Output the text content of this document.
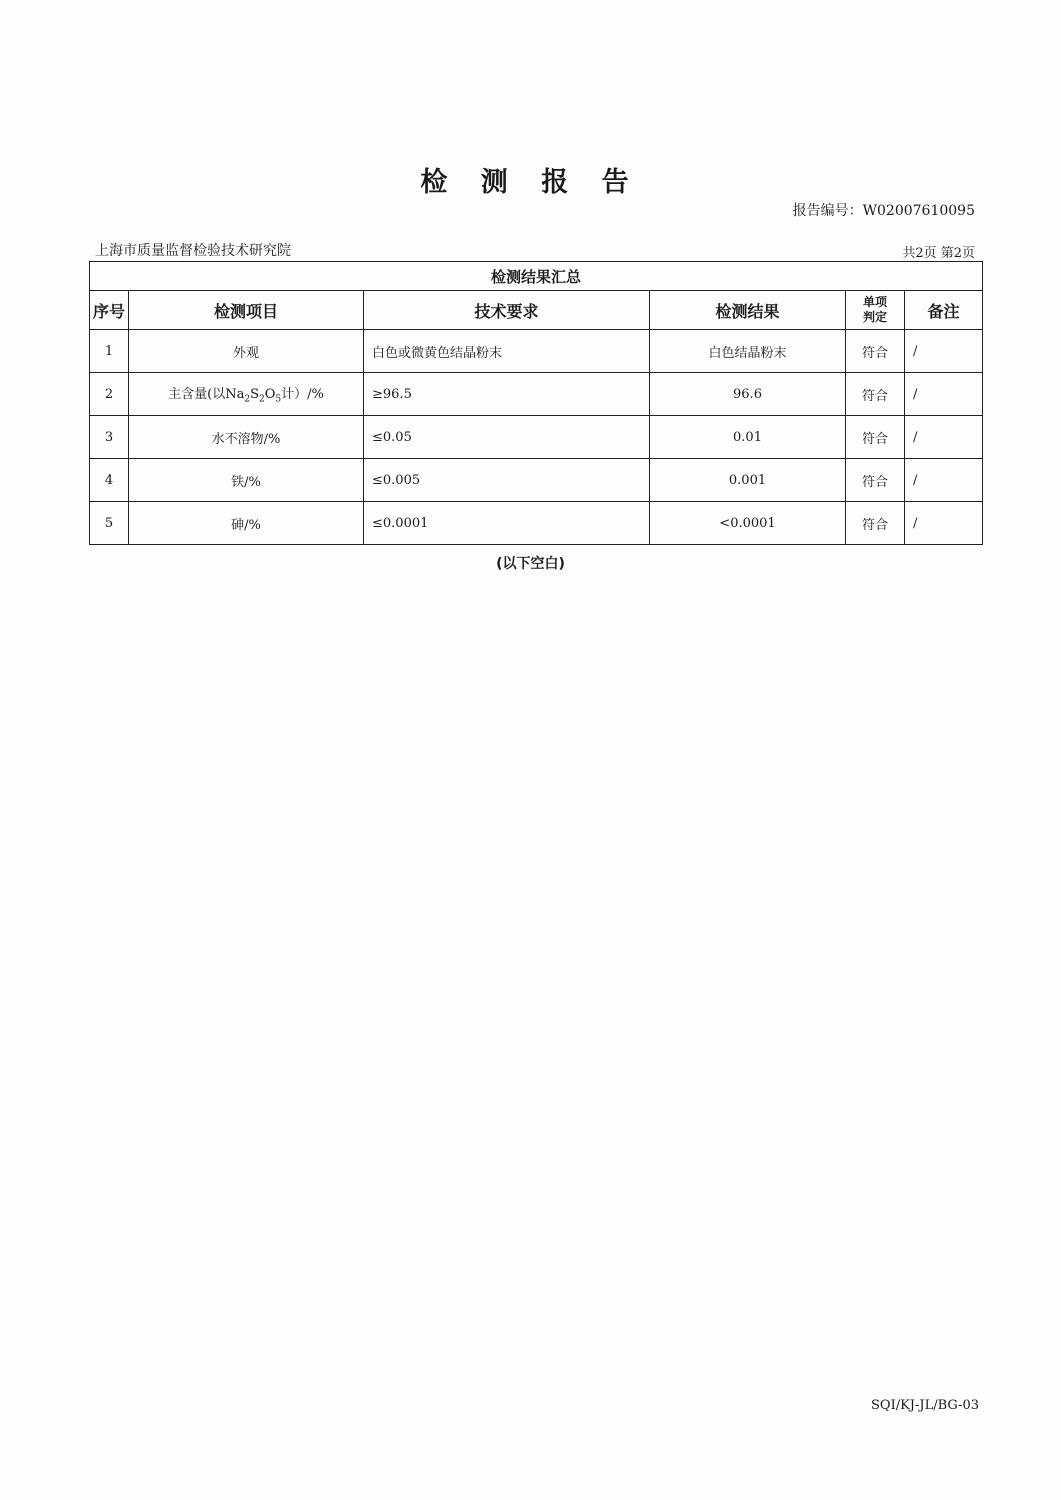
检 测 报 告
报告编号：W02007610095
上海市质量监督检验技术研究院	共2页 第2页
检测结果汇总					
序号	检测项目	技术要求	检测结果	单项判定	备注
1	外观	白色或微黄色结晶粉末	白色结晶粉末	符合	/
2	主含量(以$Na_2S_2O_5$计）/%	≥96.5	96.6	符合	/
3	水不溶物/%	≤0.05	0.01	符合	/
4	铁/%	≤0.005	0.001	符合	/
5	砷/%	≤0.0001	<0.0001	符合	/
(以下空白)
SQI/KJ-JL/BG-03
